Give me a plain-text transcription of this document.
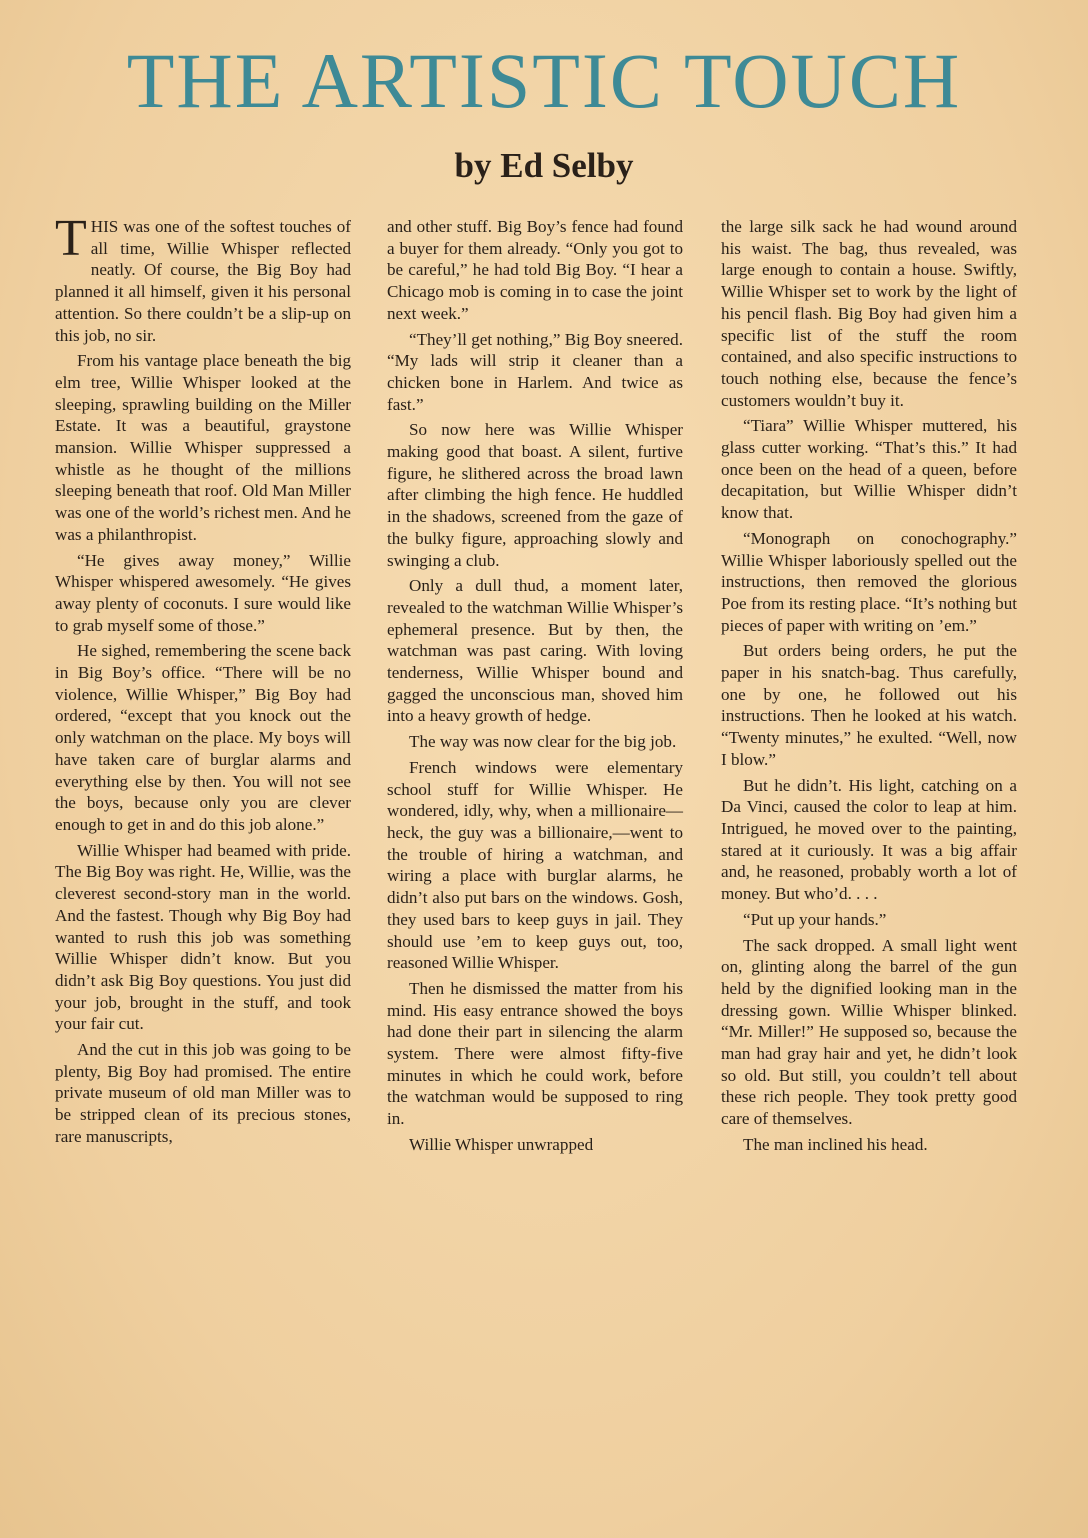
THE ARTISTIC TOUCH
by Ed Selby

THIS was one of the softest touches of all time, Willie Whisper reflected neatly. Of course, the Big Boy had planned it all himself, given it his personal attention. So there couldn’t be a slip-up on this job, no sir.

From his vantage place beneath the big elm tree, Willie Whisper looked at the sleeping, sprawling building on the Miller Estate. It was a beautiful, graystone mansion. Willie Whisper suppressed a whistle as he thought of the millions sleeping beneath that roof. Old Man Miller was one of the world’s richest men. And he was a philanthropist.

“He gives away money,” Willie Whisper whispered awesomely. “He gives away plenty of coconuts. I sure would like to grab myself some of those.”

He sighed, remembering the scene back in Big Boy’s office. “There will be no violence, Willie Whisper,” Big Boy had ordered, “except that you knock out the only watchman on the place. My boys will have taken care of burglar alarms and everything else by then. You will not see the boys, because only you are clever enough to get in and do this job alone.”

Willie Whisper had beamed with pride. The Big Boy was right. He, Willie, was the cleverest second-story man in the world. And the fastest. Though why Big Boy had wanted to rush this job was something Willie Whisper didn’t know. But you didn’t ask Big Boy questions. You just did your job, brought in the stuff, and took your fair cut.

And the cut in this job was going to be plenty, Big Boy had promised. The entire private museum of old man Miller was to be stripped clean of its precious stones, rare manuscripts,

and other stuff. Big Boy’s fence had found a buyer for them already. “Only you got to be careful,” he had told Big Boy. “I hear a Chicago mob is coming in to case the joint next week.”

“They’ll get nothing,” Big Boy sneered. “My lads will strip it cleaner than a chicken bone in Harlem. And twice as fast.”

So now here was Willie Whisper making good that boast. A silent, furtive figure, he slithered across the broad lawn after climbing the high fence. He huddled in the shadows, screened from the gaze of the bulky figure, approaching slowly and swinging a club.

Only a dull thud, a moment later, revealed to the watchman Willie Whisper’s ephemeral presence. But by then, the watchman was past caring. With loving tenderness, Willie Whisper bound and gagged the unconscious man, shoved him into a heavy growth of hedge.

The way was now clear for the big job.

French windows were elementary school stuff for Willie Whisper. He wondered, idly, why, when a millionaire—heck, the guy was a billionaire,—went to the trouble of hiring a watchman, and wiring a place with burglar alarms, he didn’t also put bars on the windows. Gosh, they used bars to keep guys in jail. They should use ’em to keep guys out, too, reasoned Willie Whisper.

Then he dismissed the matter from his mind. His easy entrance showed the boys had done their part in silencing the alarm system. There were almost fifty-five minutes in which he could work, before the watchman would be supposed to ring in.

Willie Whisper unwrapped

the large silk sack he had wound around his waist. The bag, thus revealed, was large enough to contain a house. Swiftly, Willie Whisper set to work by the light of his pencil flash. Big Boy had given him a specific list of the stuff the room contained, and also specific instructions to touch nothing else, because the fence’s customers wouldn’t buy it.

“Tiara” Willie Whisper muttered, his glass cutter working. “That’s this.” It had once been on the head of a queen, before decapitation, but Willie Whisper didn’t know that.

“Monograph on conochography.” Willie Whisper laboriously spelled out the instructions, then removed the glorious Poe from its resting place. “It’s nothing but pieces of paper with writing on ’em.”

But orders being orders, he put the paper in his snatch-bag. Thus carefully, one by one, he followed out his instructions. Then he looked at his watch. “Twenty minutes,” he exulted. “Well, now I blow.”

But he didn’t. His light, catching on a Da Vinci, caused the color to leap at him. Intrigued, he moved over to the painting, stared at it curiously. It was a big affair and, he reasoned, probably worth a lot of money. But who’d. . . .

“Put up your hands.”

The sack dropped. A small light went on, glinting along the barrel of the gun held by the dignified looking man in the dressing gown. Willie Whisper blinked. “Mr. Miller!” He supposed so, because the man had gray hair and yet, he didn’t look so old. But still, you couldn’t tell about these rich people. They took pretty good care of themselves.

The man inclined his head.
